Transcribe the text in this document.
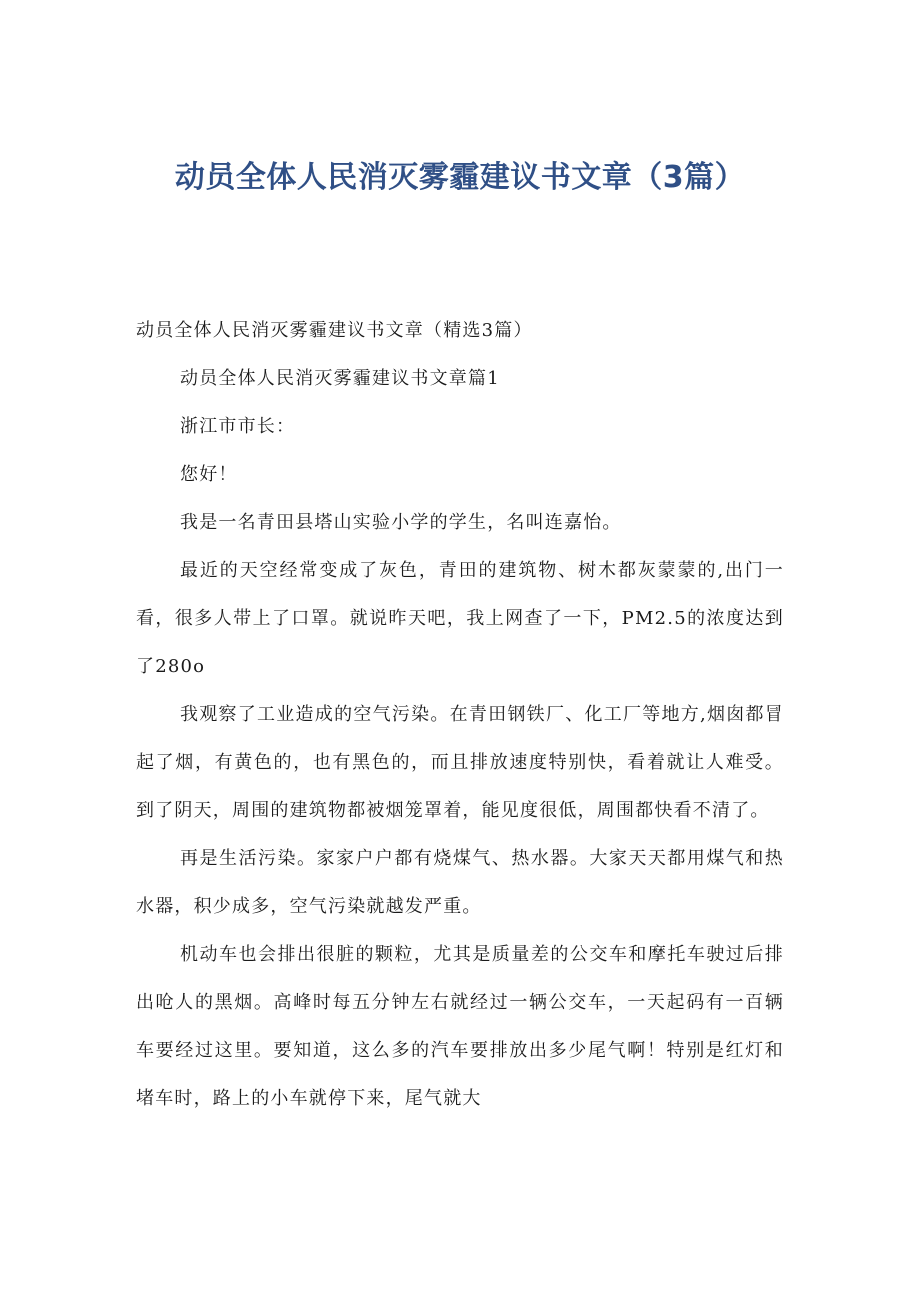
动员全体人民消灭雾霾建议书文章（3篇）

动员全体人民消灭雾霾建议书文章（精选3篇）

动员全体人民消灭雾霾建议书文章篇1

浙江市市长：

您好！

我是一名青田县塔山实验小学的学生，名叫连嘉怡。

最近的天空经常变成了灰色，青田的建筑物、树木都灰蒙蒙的,出门一看，很多人带上了口罩。就说昨天吧，我上网查了一下，PM2.5的浓度达到了280o

我观察了工业造成的空气污染。在青田钢铁厂、化工厂等地方,烟囱都冒起了烟，有黄色的，也有黑色的，而且排放速度特别快，看着就让人难受。到了阴天，周围的建筑物都被烟笼罩着，能见度很低，周围都快看不清了。

再是生活污染。家家户户都有烧煤气、热水器。大家天天都用煤气和热水器，积少成多，空气污染就越发严重。

机动车也会排出很脏的颗粒，尤其是质量差的公交车和摩托车驶过后排出呛人的黑烟。高峰时每五分钟左右就经过一辆公交车，一天起码有一百辆车要经过这里。要知道，这么多的汽车要排放出多少尾气啊！特别是红灯和堵车时，路上的小车就停下来，尾气就大
